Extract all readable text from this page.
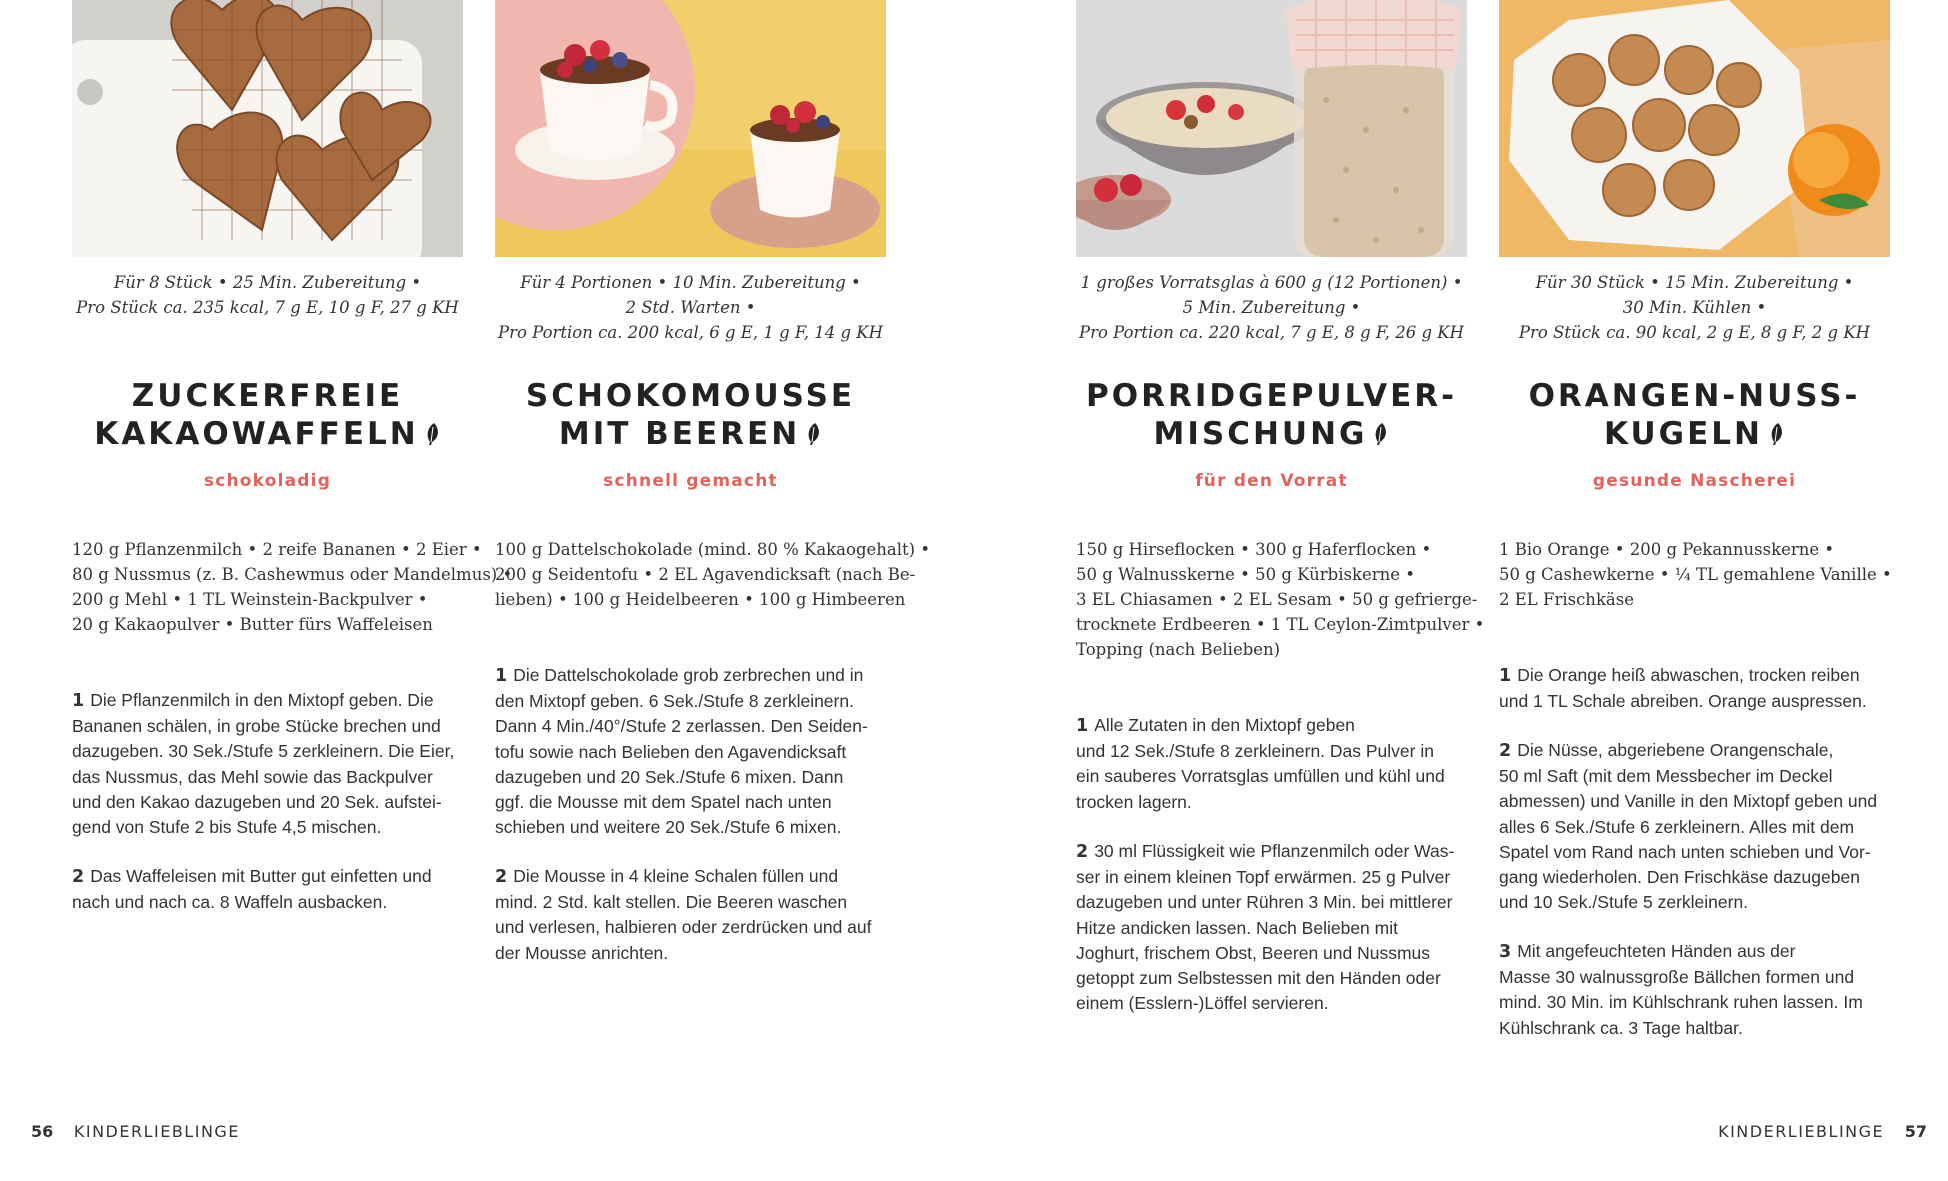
Für 8 Stück • 25 Min. Zubereitung •
Pro Stück ca. 235 kcal, 7 g E, 10 g F, 27 g KH
ZUCKERFREIE
KAKAOWAFFELN
schokoladig
120 g Pflanzenmilch • 2 reife Bananen • 2 Eier •
80 g Nussmus (z. B. Cashewmus oder Mandelmus) •
200 g Mehl • 1 TL Weinstein-Backpulver •
20 g Kakaopulver • Butter fürs Waffeleisen
1 Die Pflanzenmilch in den Mixtopf geben. Die
Bananen schälen, in grobe Stücke brechen und
dazugeben. 30 Sek./Stufe 5 zerkleinern. Die Eier,
das Nussmus, das Mehl sowie das Backpulver
und den Kakao dazugeben und 20 Sek. aufstei-
gend von Stufe 2 bis Stufe 4,5 mischen.
2 Das Waffeleisen mit Butter gut einfetten und
nach und nach ca. 8 Waffeln ausbacken.
Für 4 Portionen • 10 Min. Zubereitung •
2 Std. Warten •
Pro Portion ca. 200 kcal, 6 g E, 1 g F, 14 g KH
SCHOKOMOUSSE
MIT BEEREN
schnell gemacht
100 g Dattelschokolade (mind. 80 % Kakaogehalt) •
200 g Seidentofu • 2 EL Agavendicksaft (nach Be-
lieben) • 100 g Heidelbeeren • 100 g Himbeeren
1 Die Dattelschokolade grob zerbrechen und in
den Mixtopf geben. 6 Sek./Stufe 8 zerkleinern.
Dann 4 Min./40°/Stufe 2 zerlassen. Den Seiden-
tofu sowie nach Belieben den Agavendicksaft
dazugeben und 20 Sek./Stufe 6 mixen. Dann
ggf. die Mousse mit dem Spatel nach unten
schieben und weitere 20 Sek./Stufe 6 mixen.
2 Die Mousse in 4 kleine Schalen füllen und
mind. 2 Std. kalt stellen. Die Beeren waschen
und verlesen, halbieren oder zerdrücken und auf
der Mousse anrichten.
1 großes Vorratsglas à 600 g (12 Portionen) •
5 Min. Zubereitung •
Pro Portion ca. 220 kcal, 7 g E, 8 g F, 26 g KH
PORRIDGEPULVER-
MISCHUNG
für den Vorrat
150 g Hirseflocken • 300 g Haferflocken •
50 g Walnusskerne • 50 g Kürbiskerne •
3 EL Chiasamen • 2 EL Sesam • 50 g gefrierge-
trocknete Erdbeeren • 1 TL Ceylon-Zimtpulver •
Topping (nach Belieben)
1 Alle Zutaten in den Mixtopf geben
und 12 Sek./Stufe 8 zerkleinern. Das Pulver in
ein sauberes Vorratsglas umfüllen und kühl und
trocken lagern.
2 30 ml Flüssigkeit wie Pflanzenmilch oder Was-
ser in einem kleinen Topf erwärmen. 25 g Pulver
dazugeben und unter Rühren 3 Min. bei mittlerer
Hitze andicken lassen. Nach Belieben mit
Joghurt, frischem Obst, Beeren und Nussmus
getoppt zum Selbstessen mit den Händen oder
einem (Esslern-)Löffel servieren.
Für 30 Stück • 15 Min. Zubereitung •
30 Min. Kühlen •
Pro Stück ca. 90 kcal, 2 g E, 8 g F, 2 g KH
ORANGEN-NUSS-
KUGELN
gesunde Nascherei
1 Bio Orange • 200 g Pekannusskerne •
50 g Cashewkerne • ¼ TL gemahlene Vanille •
2 EL Frischkäse
1 Die Orange heiß abwaschen, trocken reiben
und 1 TL Schale abreiben. Orange auspressen.
2 Die Nüsse, abgeriebene Orangenschale,
50 ml Saft (mit dem Messbecher im Deckel
abmessen) und Vanille in den Mixtopf geben und
alles 6 Sek./Stufe 6 zerkleinern. Alles mit dem
Spatel vom Rand nach unten schieben und Vor-
gang wiederholen. Den Frischkäse dazugeben
und 10 Sek./Stufe 5 zerkleinern.
3 Mit angefeuchteten Händen aus der
Masse 30 walnussgroße Bällchen formen und
mind. 30 Min. im Kühlschrank ruhen lassen. Im
Kühlschrank ca. 3 Tage haltbar.
56 KINDERLIEBLINGE	KINDERLIEBLINGE 57
